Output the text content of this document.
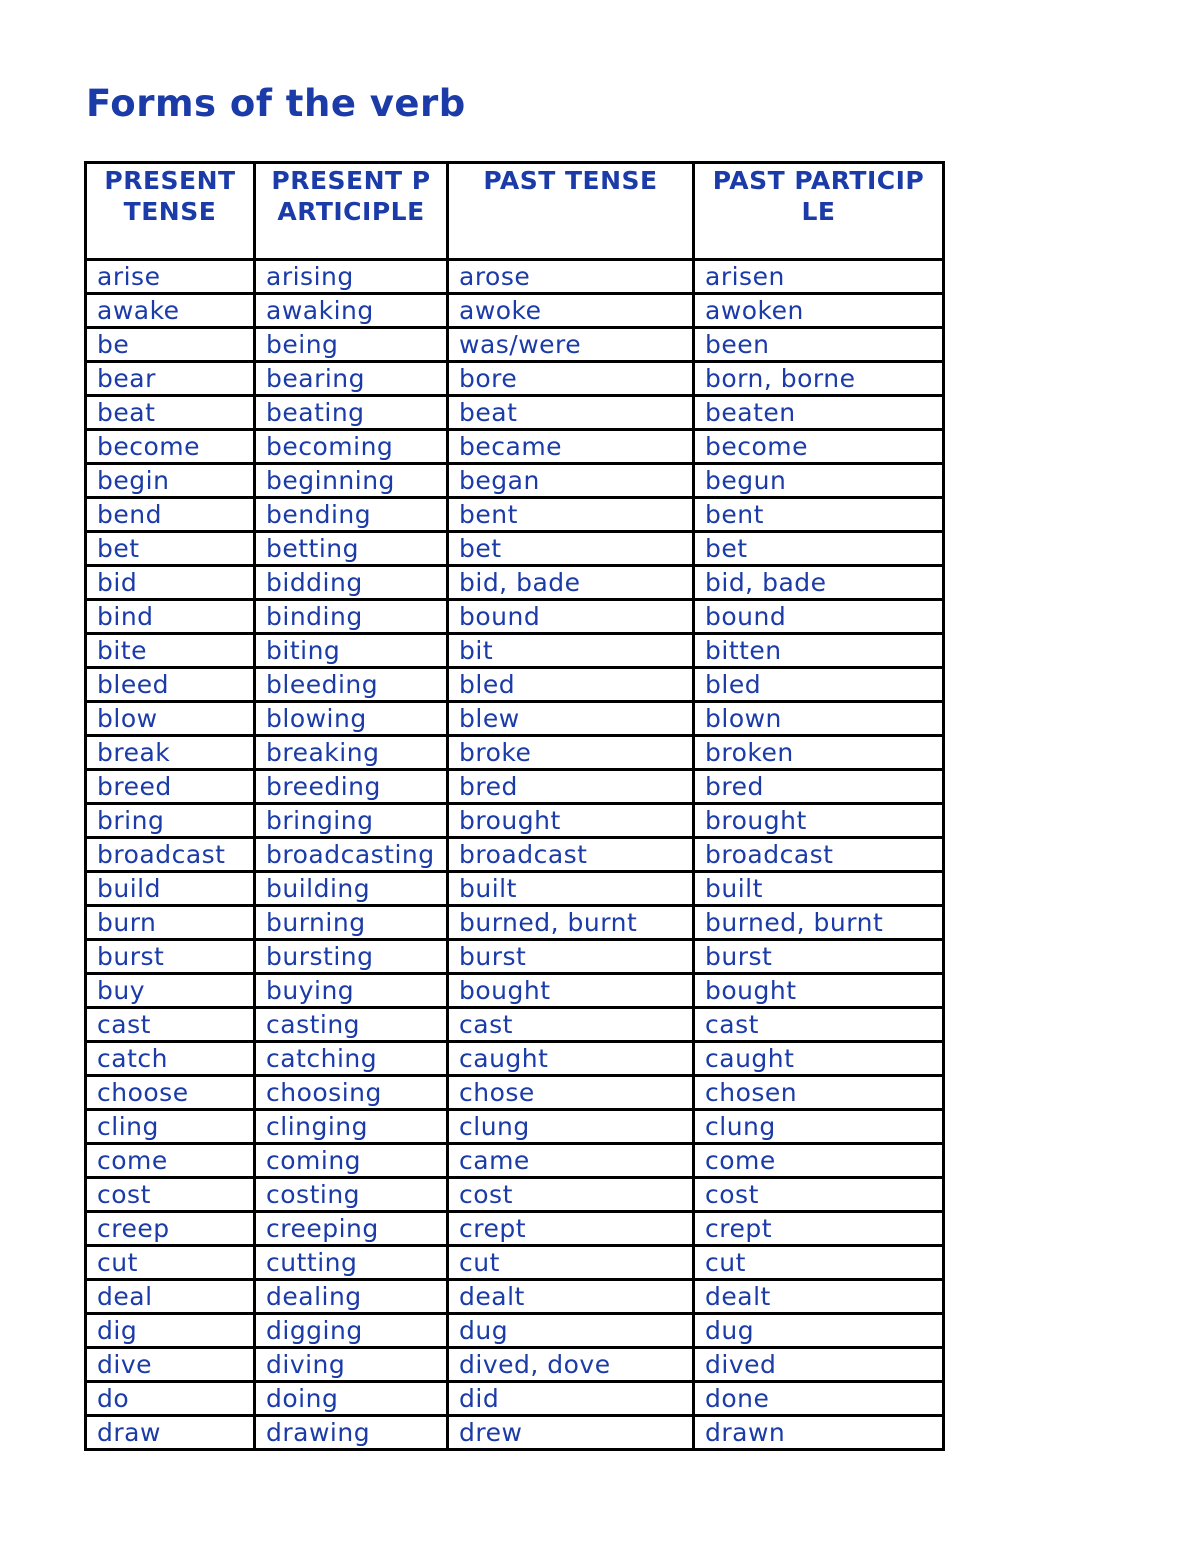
Forms of the verb
PRESENT TENSE	PRESENT PARTICIPLE	PAST TENSE	PAST PARTICIPLE
arise	arising	arose	arisen
awake	awaking	awoke	awoken
be	being	was/were	been
bear	bearing	bore	born, borne
beat	beating	beat	beaten
become	becoming	became	become
begin	beginning	began	begun
bend	bending	bent	bent
bet	betting	bet	bet
bid	bidding	bid, bade	bid, bade
bind	binding	bound	bound
bite	biting	bit	bitten
bleed	bleeding	bled	bled
blow	blowing	blew	blown
break	breaking	broke	broken
breed	breeding	bred	bred
bring	bringing	brought	brought
broadcast	broadcasting	broadcast	broadcast
build	building	built	built
burn	burning	burned, burnt	burned, burnt
burst	bursting	burst	burst
buy	buying	bought	bought
cast	casting	cast	cast
catch	catching	caught	caught
choose	choosing	chose	chosen
cling	clinging	clung	clung
come	coming	came	come
cost	costing	cost	cost
creep	creeping	crept	crept
cut	cutting	cut	cut
deal	dealing	dealt	dealt
dig	digging	dug	dug
dive	diving	dived, dove	dived
do	doing	did	done
draw	drawing	drew	drawn
